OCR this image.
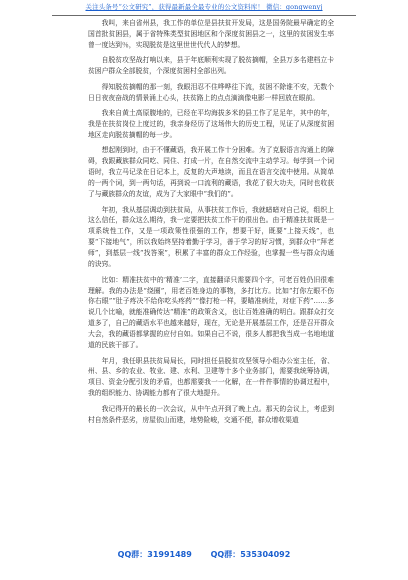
关注头条号“公文研究”，获得最新最全最专业的公文资料库！ 微信：gongwenyj

我叫，来自省州县，我工作的单位是县扶贫开发局，这是国务院最早确定的全国首批贫困县，属于省特殊类型贫困地区和个深度贫困县之一，这里的贫困发生率曾一度达到％，实现脱贫是这里世世代代人的梦想。

自脱贫攻坚战打响以来，县于年底顺利实现了脱贫摘帽，全县万多名建档立卡贫困户群众全部脱贫，个深度贫困村全部出列。

得知脱贫摘帽的那一刻，我眼泪忍不住哗哗往下流，贫困不除谁不安，无数个日日夜夜奋战的情景涌上心头，扶贫路上的点点滴滴像电影一样回放在眼前。

我来自黄土高原腹地的，已经在平均海拔多米的县工作了足足年，其中的年，我是在扶贫岗位上度过的，我亲身经历了这场伟大的历史工程，见证了从深度贫困地区走向脱贫摘帽的每一步。

想起刚到时，由于不懂藏语，我开展工作十分困难。为了克服语言沟通上的障碍，我跟藏族群众同吃、同住、打成一片，在自然交流中主动学习。每学到一个词语时，我立马记录在日记本上，反复的大声地读，而且在语言交流中使用。从简单的一两个词，到一两句话，再到说一口流利的藏语，我花了很大功夫，同时也收获了与藏族群众的友谊，成为了大家眼中“我们的”。

年初，我从基层调动到扶贫局，从事扶贫工作后，我就暗暗对自己说，组织上这么信任，群众这么期待，我一定要把扶贫工作干的很出色。由于精准扶贫既是一项系统性工作，又是一项政策性很强的工作，想要干好，既要“上接天线”，也要“下接地气”，所以我始终坚持着勤于学习，善于学习的好习惯，到群众中“拜老师”，到基层一线“找答案”，积累了丰富的群众工作经验，也掌握一些与群众沟通的诀窍。

比如：精准扶贫中的‘精准’二字，直接翻译只需要四个字，可老百姓仍旧很难理解。我的办法是“绕圈”，用老百姓身边的事物，多打比方。比如“打你左眼不伤你右眼”“肚子疼决不给你吃头疼药”“像打枪一样，要瞄准病灶，对症下药”……多说几个比喻，就能准确传达“精准”的政策含义，也让百姓准确的明白。跟群众打交道多了，自己的藏语水平也越来越好，现在，无论是开展基层工作，还是召开群众大会，我的藏语都掌握的应付自如。如果自己不说，很多人都把我当成一名地地道道的民族干部了。

年月，我任职县扶贫局局长，同时担任县脱贫攻坚领导小组办公室主任，省、州、县、乡的农业、牧业、建、水利、卫建等十多个业务部门，需要我统筹协调，项目、资金分配引发的矛盾，也都需要我一一化解，在一件件事情的协调过程中，我的组织能力、协调能力都有了很大地提升。

我记得开的最长的一次会议，从中午点开到了晚上点。那天的会议上，考虑到村自然条件恶劣，房屋依山而建，地势险峻，交通不便，群众增收渠道

QQ群：31991489 QQ群：535304092
